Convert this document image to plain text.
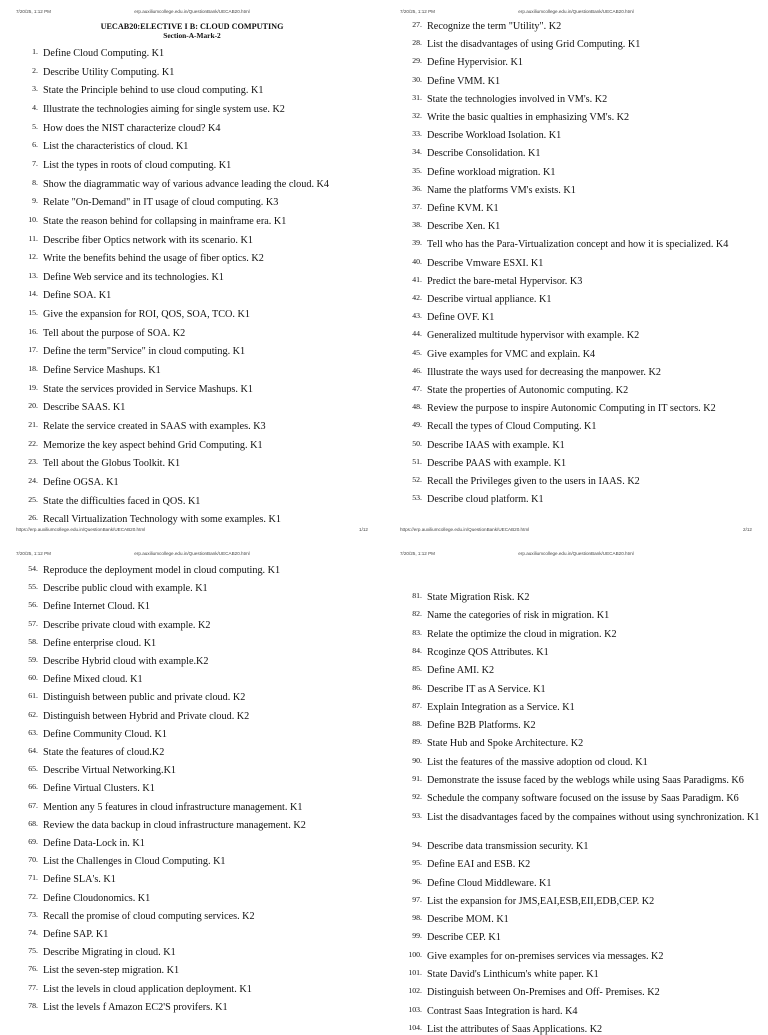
7/20/25, 1:12 PM	erp.auxiliumcollege.edu.in/QuestionBank/UECAB20.html
UECAB20:ELECTIVE I B: CLOUD COMPUTING
Section-A-Mark-2
https://erp.auxiliumcollege.edu.in/QuestionBank/UECAB20.html	1/12
7/20/25, 1:12 PM	erp.auxiliumcollege.edu.in/QuestionBank/UECAB20.html
https://erp.auxiliumcollege.edu.in/QuestionBank/UECAB20.html	2/12
7/20/25, 1:12 PM	erp.auxiliumcollege.edu.in/QuestionBank/UECAB20.html	7/20/25, 1:12 PM	erp.auxiliumcollege.edu.in/QuestionBank/UECAB20.html
1. Define Cloud Computing. K1
2. Describe Utility Computing. K1
3. State the Principle behind to use cloud computing. K1
4. Illustrate the technologies aiming for single system use. K2
5. How does the NIST characterize cloud? K4
6. List the characteristics of cloud. K1
7. List the types in roots of cloud computing. K1
8. Show the diagrammatic way of various advance leading the cloud. K4
9. Relate "On-Demand" in IT usage of cloud computing. K3
10. State the reason behind for collapsing in mainframe era. K1
11. Describe fiber Optics network with its scenario. K1
12. Write the benefits behind the usage of fiber optics. K2
13. Define Web service and its technologies. K1
14. Define SOA. K1
15. Give the expansion for ROI, QOS, SOA, TCO. K1
16. Tell about the purpose of SOA. K2
17. Define the term"Service" in cloud computing. K1
18. Define Service Mashups. K1
19. State the services provided in Service Mashups. K1
20. Describe SAAS. K1
21. Relate the service created in SAAS with examples. K3
22. Memorize the key aspect behind Grid Computing. K1
23. Tell about the Globus Toolkit. K1
24. Define OGSA. K1
25. State the difficulties faced in QOS. K1
26. Recall Virtualization Technology with some examples. K1
27. Recognize the term "Utility". K2
28. List the disadvantages of using Grid Computing. K1
29. Define Hypervisior. K1
30. Define VMM. K1
31. State the technologies involved in VM's. K2
32. Write the basic qualties in emphasizing VM's. K2
33. Describe Workload Isolation. K1
34. Describe Consolidation. K1
35. Define workload migration. K1
36. Name the platforms VM's exists. K1
37. Define KVM. K1
38. Describe Xen. K1
39. Tell who has the Para-Virtualization concept and how it is specialized. K4
40. Describe Vmware ESXI. K1
41. Predict the bare-metal Hypervisor. K3
42. Describe virtual appliance. K1
43. Define OVF. K1
44. Generalized multitude hypervisor with example. K2
45. Give examples for VMC and explain. K4
46. Illustrate the ways used for decreasing the manpower. K2
47. State the properties of Autonomic computing. K2
48. Review the purpose to inspire Autonomic Computing in IT sectors. K2
49. Recall the types of Cloud Computing. K1
50. Describe IAAS with example. K1
51. Describe PAAS with example. K1
52. Recall the Privileges given to the users in IAAS. K2
53. Describe cloud platform. K1
54. Reproduce the deployment model in cloud computing. K1
55. Describe public cloud with example. K1
56. Define Internet Cloud. K1
57. Describe private cloud with example. K2
58. Define enterprise cloud. K1
59. Describe Hybrid cloud with example.K2
60. Define Mixed cloud. K1
61. Distinguish between public and private cloud. K2
62. Distinguish between Hybrid and Private cloud. K2
63. Define Community Cloud. K1
64. State the features of cloud.K2
65. Describe Virtual Networking.K1
66. Define Virtual Clusters. K1
67. Mention any 5 features in cloud infrastructure management. K1
68. Review the data backup in cloud infrastructure management. K2
69. Define Data-Lock in. K1
70. List the Challenges in Cloud Computing. K1
71. Define SLA's. K1
72. Define Cloudonomics. K1
73. Recall the promise of cloud computing services. K2
74. Define SAP. K1
75. Describe Migrating in cloud. K1
76. List the seven-step migration. K1
77. List the levels in cloud application deployment. K1
78. List the levels f Amazon EC2'S provifers. K1
81. State Migration Risk. K2
82. Name the categories of risk in migration. K1
83. Relate the optimize the cloud in migration. K2
84. Rcoginze QOS Attributes. K1
85. Define AMI. K2
86. Describe IT as A Service. K1
87. Explain Integration as a Service. K1
88. Define B2B Platforms. K2
89. State Hub and Spoke Architecture. K2
90. List the features of the massive adoption od cloud. K1
91. Demonstrate the issuse faced by the weblogs while using Saas Paradigms. K6
92. Schedule the company software focused on the issuse by Saas Paradigm. K6
93. List the disadvantages faced by the compaines without using synchronization. K1
94. Describe data transmission security. K1
95. Define EAI and ESB. K2
96. Define Cloud Middleware. K1
97. List the expansion for JMS,EAI,ESB,EII,EDB,CEP. K2
98. Describe MOM. K1
99. Describe CEP. K1
100. Give examples for on-premises services via messages. K2
101. State David's Linthicum's white paper. K1
102. Distinguish between On-Premises and Off- Premises. K2
103. Contrast Saas Integration is hard. K4
104. List the attributes of Saas Applications. K2
